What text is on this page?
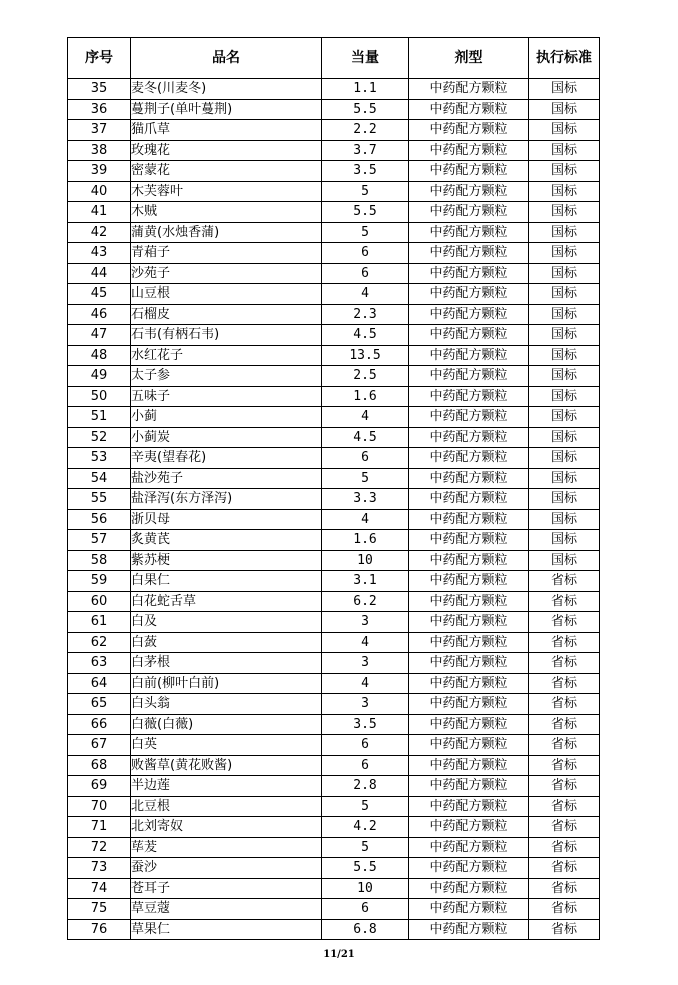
序号	品名	当量	剂型	执行标准
35	麦冬(川麦冬)	1.1	中药配方颗粒	国标
36	蔓荆子(单叶蔓荆)	5.5	中药配方颗粒	国标
37	猫爪草	2.2	中药配方颗粒	国标
38	玫瑰花	3.7	中药配方颗粒	国标
39	密蒙花	3.5	中药配方颗粒	国标
40	木芙蓉叶	5	中药配方颗粒	国标
41	木贼	5.5	中药配方颗粒	国标
42	蒲黄(水烛香蒲)	5	中药配方颗粒	国标
43	青葙子	6	中药配方颗粒	国标
44	沙苑子	6	中药配方颗粒	国标
45	山豆根	4	中药配方颗粒	国标
46	石榴皮	2.3	中药配方颗粒	国标
47	石韦(有柄石韦)	4.5	中药配方颗粒	国标
48	水红花子	13.5	中药配方颗粒	国标
49	太子参	2.5	中药配方颗粒	国标
50	五味子	1.6	中药配方颗粒	国标
51	小蓟	4	中药配方颗粒	国标
52	小蓟炭	4.5	中药配方颗粒	国标
53	辛夷(望春花)	6	中药配方颗粒	国标
54	盐沙苑子	5	中药配方颗粒	国标
55	盐泽泻(东方泽泻)	3.3	中药配方颗粒	国标
56	浙贝母	4	中药配方颗粒	国标
57	炙黄芪	1.6	中药配方颗粒	国标
58	紫苏梗	10	中药配方颗粒	国标
59	白果仁	3.1	中药配方颗粒	省标
60	白花蛇舌草	6.2	中药配方颗粒	省标
61	白及	3	中药配方颗粒	省标
62	白蔹	4	中药配方颗粒	省标
63	白茅根	3	中药配方颗粒	省标
64	白前(柳叶白前)	4	中药配方颗粒	省标
65	白头翁	3	中药配方颗粒	省标
66	白薇(白薇)	3.5	中药配方颗粒	省标
67	白英	6	中药配方颗粒	省标
68	败酱草(黄花败酱)	6	中药配方颗粒	省标
69	半边莲	2.8	中药配方颗粒	省标
70	北豆根	5	中药配方颗粒	省标
71	北刘寄奴	4.2	中药配方颗粒	省标
72	荜茇	5	中药配方颗粒	省标
73	蚕沙	5.5	中药配方颗粒	省标
74	苍耳子	10	中药配方颗粒	省标
75	草豆蔻	6	中药配方颗粒	省标
76	草果仁	6.8	中药配方颗粒	省标
11/21
